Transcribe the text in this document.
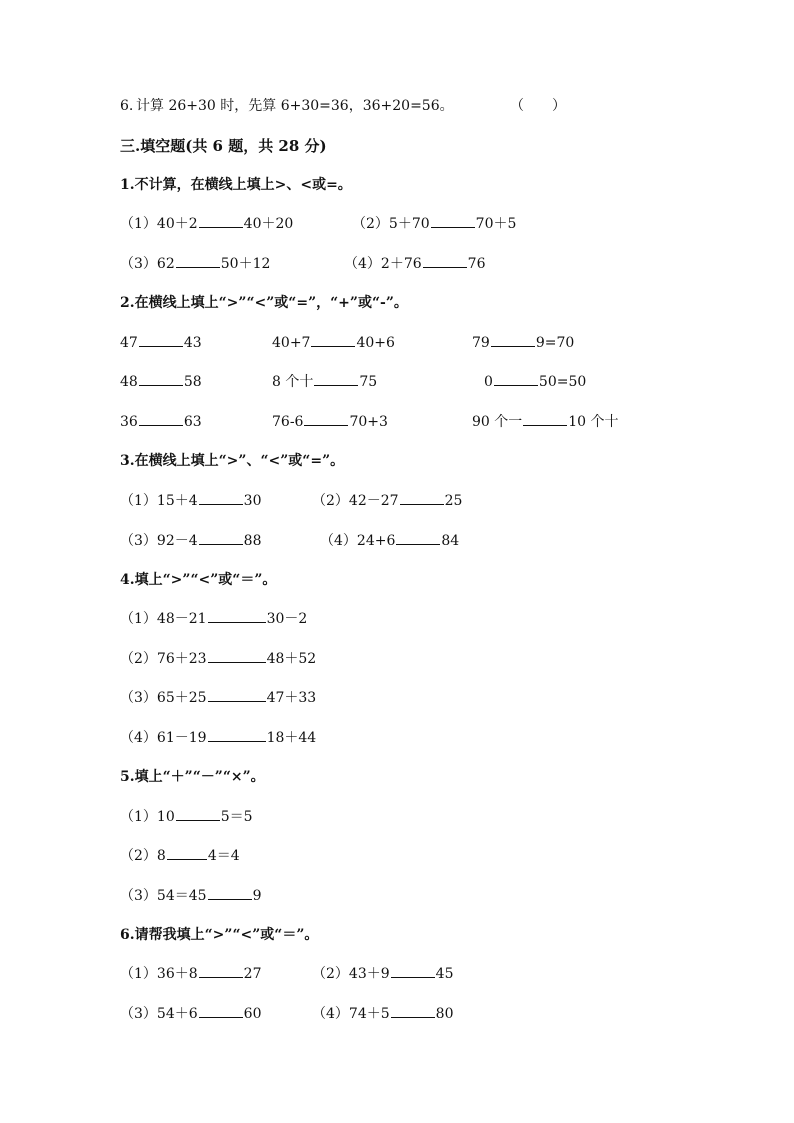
6. 计算 26+30 时，先算 6+30=36，36+20=56。	（　　）
三.填空题(共 6 题，共 28 分)
1.不计算，在横线上填上>、<或=。
（1）40＋2	40＋20	（2）5＋70	70＋5
（3）62	50＋12	（4）2＋76	76
2.在横线上填上“>”“<”或“=”，“+”或“-”。
47	43	40+7	40+6	79	9=70
48	58	8 个十	75	0	50=50
36	63	76-6	70+3	90 个一	10 个十
3.在横线上填上“>”、“<”或“=”。
（1）15＋4	30	（2）42－27	25
（3）92－4	88	（4）24+6	84
4.填上“>”“<”或“＝”。
（1）48－21	30－2
（2）76＋23	48＋52
（3）65＋25	47＋33
（4）61－19	18＋44
5.填上“＋”“－”“×”。
（1）10	5＝5
（2）8	4＝4
（3）54＝45	9
6.请帮我填上“>”“<”或“＝”。
（1）36＋8	27	（2）43＋9	45
（3）54＋6	60	（4）74＋5	80
